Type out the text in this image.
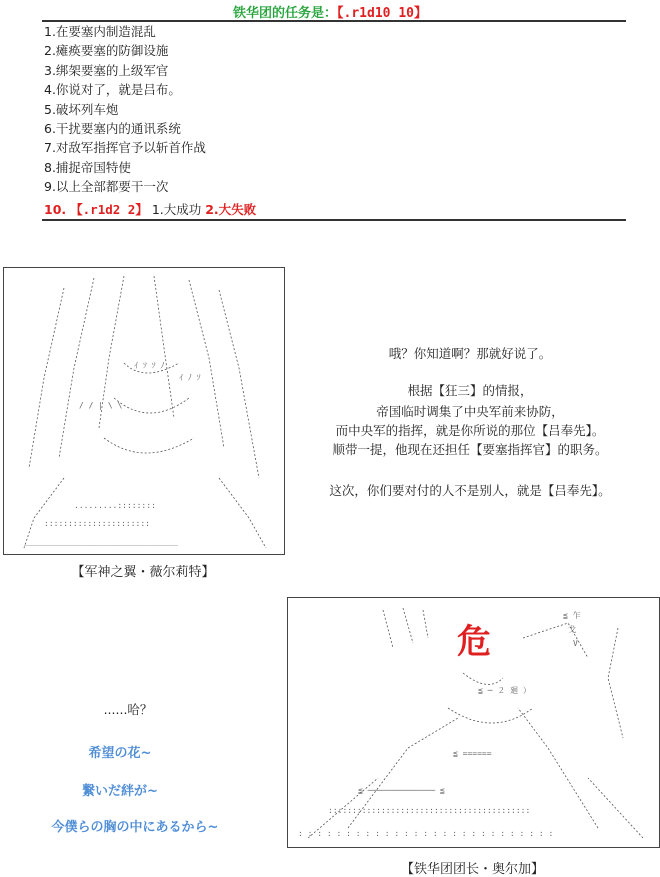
铁华团的任务是：【.r1d10 10】
1.在要塞内制造混乱
2.瘫痪要塞的防御设施
3.绑架要塞的上级军官
4.你说对了，就是吕布。
5.破坏列车炮
6.干扰要塞内的通讯系统
7.对敌军指挥官予以斩首作战
8.捕捉帝国特使
9.以上全部都要干一次
10. 【.r1d2 2】 1.大成功 2.大失败
ｲ ｿ ｿ ﾉ
ｲ ﾉ ｿ
/ / | \ \
.........::::::::
::::::::::::::::::::::
________________________________
【军神之翼・薇尔莉特】
哦？你知道啊？那就好说了。
根据【狂三】的情报，
帝国临时调集了中央军前来协防，
而中央军的指挥，就是你所说的那位【吕奉先】。
顺带一提，他现在还担任【要塞指挥官】的职务。
这次，你们要对付的人不是别人，就是【吕奉先】。
......哈？
希望の花~
繋いだ絆が~
今僕らの胸の中にあるから~
≦ 乍
戈
V
≦ ─ ２ 廻 ）
≦ ======
≦ ────────────── ≦
::::::::::::::::::::::::::::::::::::::::::
: : : : : : : : : : : : : : : : : : : : : : : : : : :
危
【铁华团团长・奥尔加】
